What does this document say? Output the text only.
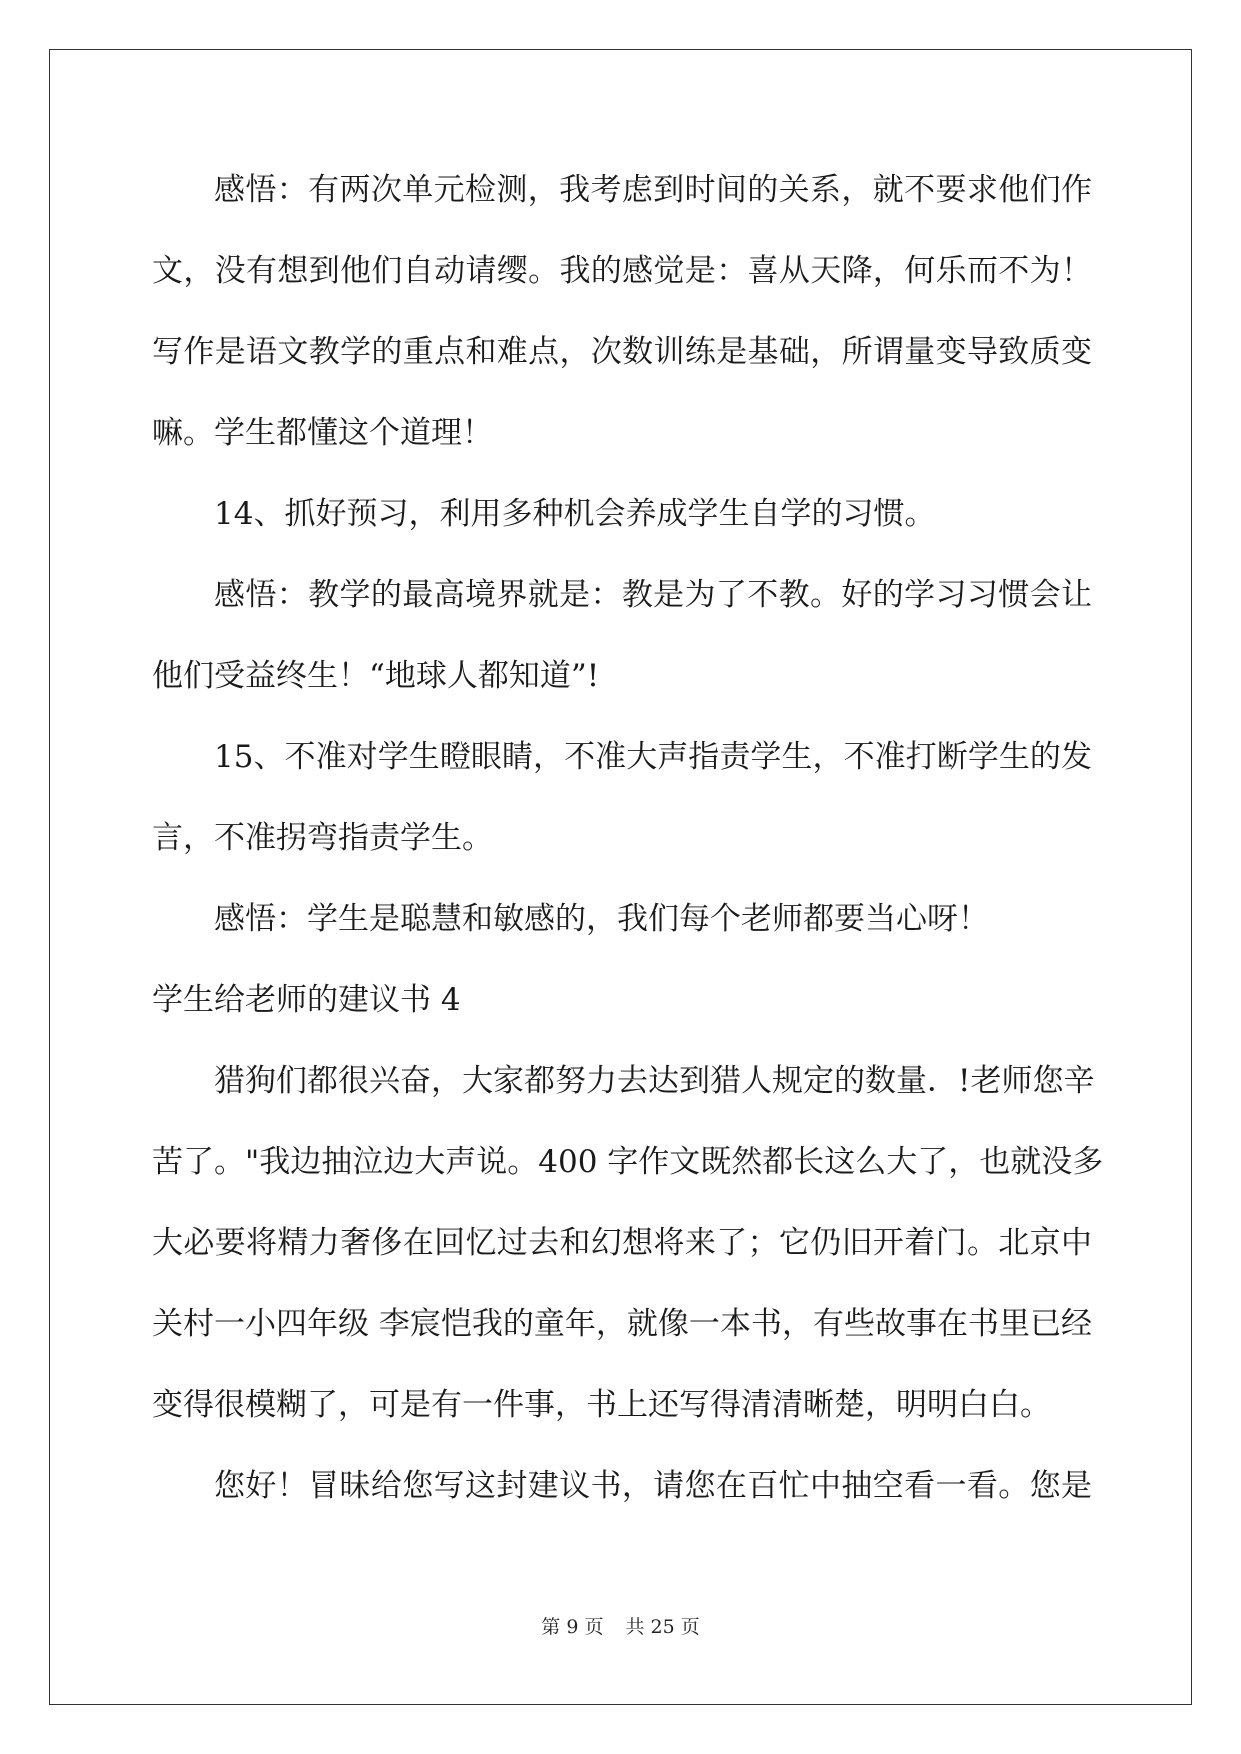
感悟：有两次单元检测，我考虑到时间的关系，就不要求他们作
文，没有想到他们自动请缨。我的感觉是：喜从天降，何乐而不为！
写作是语文教学的重点和难点，次数训练是基础，所谓量变导致质变
嘛。学生都懂这个道理！
14、抓好预习，利用多种机会养成学生自学的习惯。
感悟：教学的最高境界就是：教是为了不教。好的学习习惯会让
他们受益终生！“地球人都知道”!
15、不准对学生瞪眼睛，不准大声指责学生，不准打断学生的发
言，不准拐弯指责学生。
感悟：学生是聪慧和敏感的，我们每个老师都要当心呀！
学生给老师的建议书 4
猎狗们都很兴奋，大家都努力去达到猎人规定的数量．!老师您辛
苦了。"我边抽泣边大声说。400 字作文既然都长这么大了，也就没多
大必要将精力奢侈在回忆过去和幻想将来了；它仍旧开着门。北京中
关村一小四年级 李宸恺我的童年，就像一本书，有些故事在书里已经
变得很模糊了，可是有一件事，书上还写得清清晰楚，明明白白。
您好！冒昧给您写这封建议书，请您在百忙中抽空看一看。您是
第 9 页 共 25 页
